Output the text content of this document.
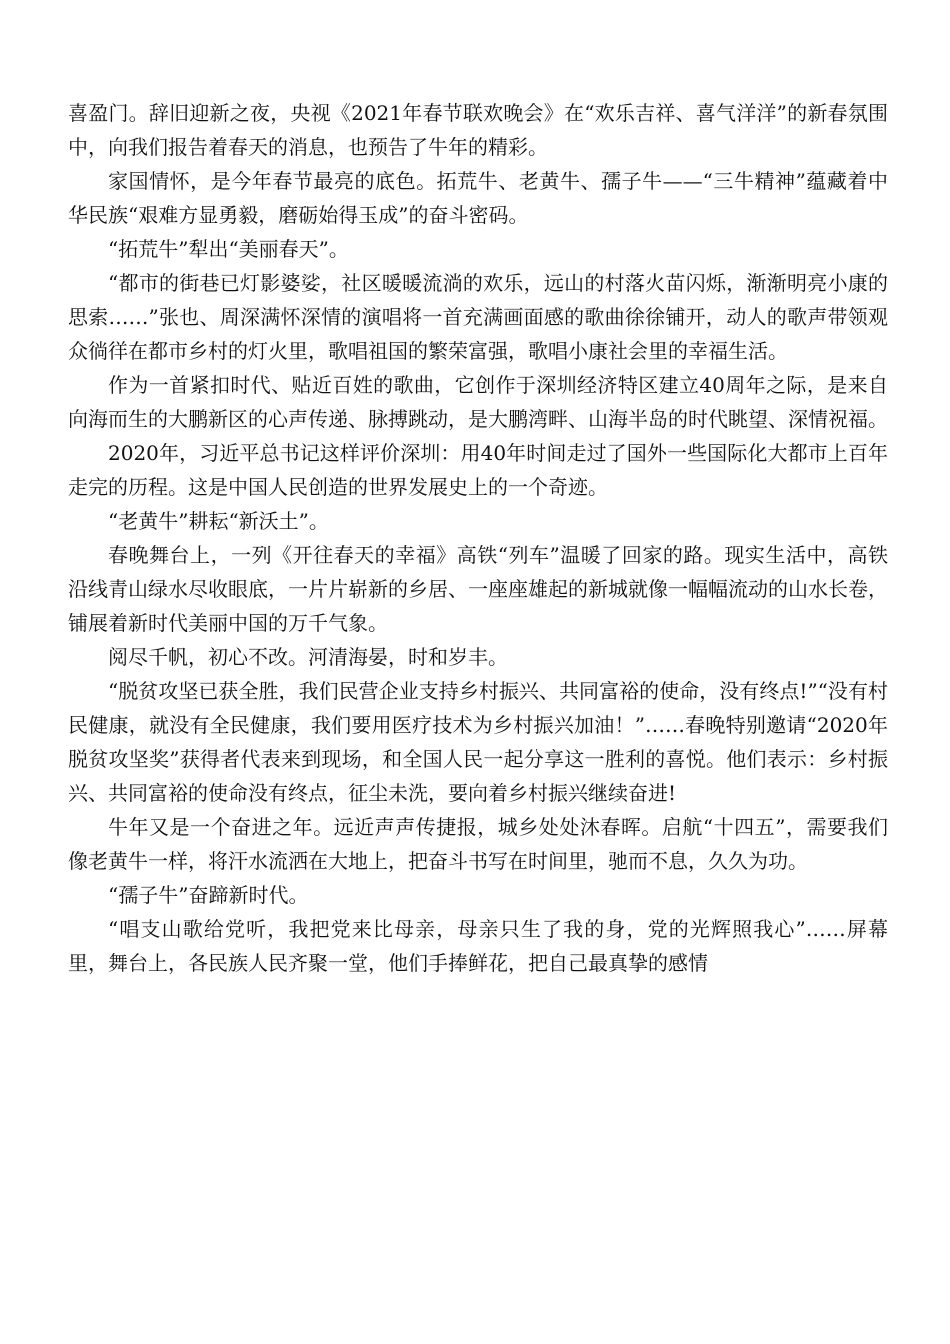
喜盈门。辞旧迎新之夜，央视《2021年春节联欢晚会》在“欢乐吉祥、喜气洋洋”的新春氛围中，向我们报告着春天的消息，也预告了牛年的精彩。

家国情怀，是今年春节最亮的底色。拓荒牛、老黄牛、孺子牛——“三牛精神”蕴藏着中华民族“艰难方显勇毅，磨砺始得玉成”的奋斗密码。

“拓荒牛”犁出“美丽春天”。

“都市的街巷已灯影婆娑，社区暖暖流淌的欢乐，远山的村落火苗闪烁，渐渐明亮小康的思索……”张也、周深满怀深情的演唱将一首充满画面感的歌曲徐徐铺开，动人的歌声带领观众徜徉在都市乡村的灯火里，歌唱祖国的繁荣富强，歌唱小康社会里的幸福生活。

作为一首紧扣时代、贴近百姓的歌曲，它创作于深圳经济特区建立40周年之际，是来自向海而生的大鹏新区的心声传递、脉搏跳动，是大鹏湾畔、山海半岛的时代眺望、深情祝福。

2020年，习近平总书记这样评价深圳：用40年时间走过了国外一些国际化大都市上百年走完的历程。这是中国人民创造的世界发展史上的一个奇迹。

“老黄牛”耕耘“新沃土”。

春晚舞台上，一列《开往春天的幸福》高铁“列车”温暖了回家的路。现实生活中，高铁沿线青山绿水尽收眼底，一片片崭新的乡居、一座座雄起的新城就像一幅幅流动的山水长卷，铺展着新时代美丽中国的万千气象。

阅尽千帆，初心不改。河清海晏，时和岁丰。

“脱贫攻坚已获全胜，我们民营企业支持乡村振兴、共同富裕的使命，没有终点!”“没有村民健康，就没有全民健康，我们要用医疗技术为乡村振兴加油！”……春晚特别邀请“2020年脱贫攻坚奖”获得者代表来到现场，和全国人民一起分享这一胜利的喜悦。他们表示：乡村振兴、共同富裕的使命没有终点，征尘未洗，要向着乡村振兴继续奋进!

牛年又是一个奋进之年。远近声声传捷报，城乡处处沐春晖。启航“十四五”，需要我们像老黄牛一样，将汗水流洒在大地上，把奋斗书写在时间里，驰而不息，久久为功。

“孺子牛”奋蹄新时代。

“唱支山歌给党听，我把党来比母亲，母亲只生了我的身，党的光辉照我心”……屏幕里，舞台上，各民族人民齐聚一堂，他们手捧鲜花，把自己最真挚的感情
